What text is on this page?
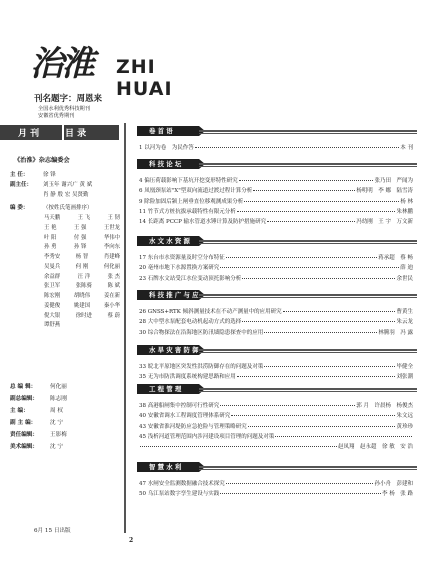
治淮 ZHI HUAI
刊名题字：周恩来
全国水利优秀科技期刊
安徽省优秀期刊
月 刊	目 录
《治淮》杂志编委会
主 任：	徐 锋
副主任：	刘玉年 谢兴广 黄 斌
肖 静 殷 宏 吴贤勤
编 委：	（按姓氏笔画排序）
马天鹏	王 飞	王 韧
王 艳	王 强	王世龙
叶 阳	付 强	华伟中
孙 勇	孙 锋	李向东
李秀安	杨 智	肖建峰
吴曼兵	何 刚	何化丽
余益群	汪 洋	张 杰
张卫军	张陈骑	陈 斌
陈宏刚	胡晓伟	姜在新
姜健俊	姚建国	秦小华
倪大银	徐时进	蔡 蔚
谭舒燕
总 编 辑：	何化丽
副总编辑：	陈志刚
主 编：	周 权
副 主 编：	沈 宁
责任编辑：	王影梅
美术编辑：	沈 宁
6月 15 日出版
2
卷 首 语
1 以河为卷　为民作答	本 刊
科 技 论 坛
4 偏压荷载影响下基坑开挖变形特性研究	张乃田　严闻为
6 凤凰颈泵站"X"型双向流道过渡过程计算分析	杨明明　李 娜　陆雪涛
9 除险加固后颍上闸垂直位移观测成果分析	杨 林
11 竹节式方桩抗拔承载特性有限元分析	朱林鹏
14 长距离 PCCP 输水管道水锤计算及防护措施研究	冯幼刚　王 宇　万文新
水 文 水 资 源
17 东台市水资源量及时空分布特征	蒋承超　蔡 畅
20 亳州市地下水源置换方案研究	薛 迪
23 石牌水文站受江水位变动顶托影响分析	余世民
科 技 推 广 与 应 用
26 GNSS+RTK 倾斜测量技术在不动产测量中的应用研究	曹黄生
28 大中型水泵配套电动机起动方式的选择	朱云龙
30 综合物探法在沿海地区防汛墙隐患探查中的应用	林腾羽　冯 露
水 旱 灾 害 防 御
33 皖北平原地区突发性洪涝防御存在的问题及对策	毕健全
35 无为市防洪调度系统构建思路和应用	刘张潮
工 程 管 理
38 高港船闸集中控制可行性研究	郭 月　许晨杨　杨俊杰
40 安徽省调水工程调度管理体系研究	朱文远
43 安徽省淮河堤防应急抢险与管理策略研究	黄珍珍
45 浅析河道管理范围内涉河建设项目管理的问题及对策
赵凤翔　赵永超　徐 敏　安 浩
智 慧 水 利
47 水闸安全监测数据融合技术探究	孙小舟　彭建和
50 乌江泵站数字孪生建设与实践	李 杨　张 路
